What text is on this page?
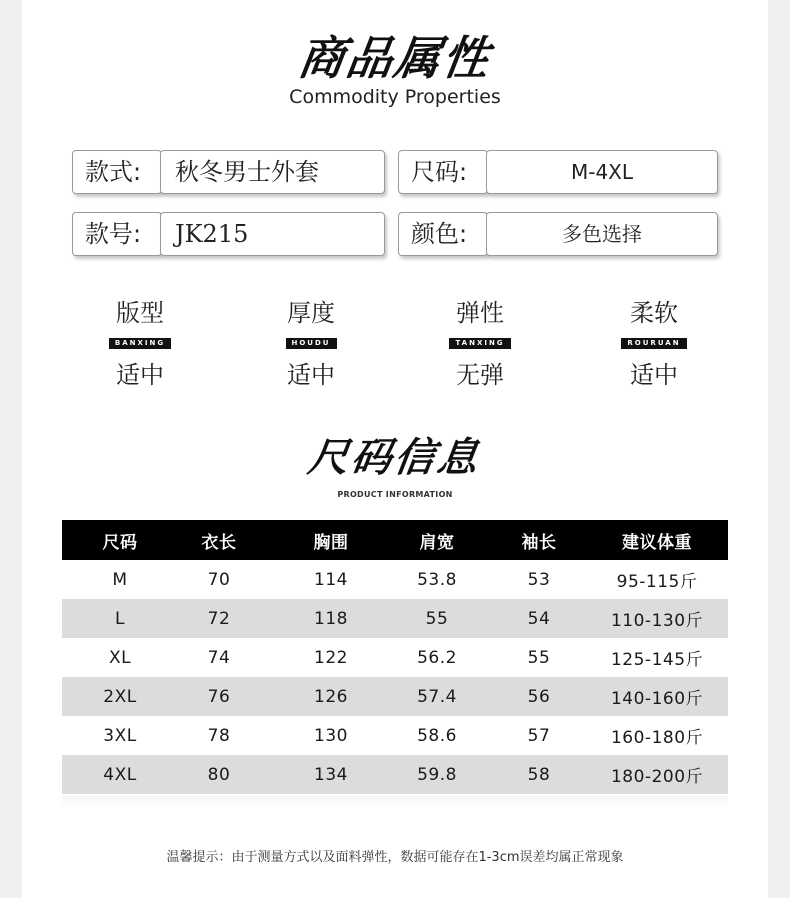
商品属性
Commodity Properties
款式: 秋冬男士外套	尺码:	M-4XL
款号: JK215	颜色:	多色选择
版型
BANXING
适中
厚度
HOUDU
适中
弹性
TANXING
无弹
柔软
ROURUAN
适中
尺码信息
PRODUCT INFORMATION
尺码	衣长	胸围	肩宽	袖长	建议体重
M	70	114	53.8	53	95-115斤
L	72	118	55	54	110-130斤
XL	74	122	56.2	55	125-145斤
2XL	76	126	57.4	56	140-160斤
3XL	78	130	58.6	57	160-180斤
4XL	80	134	59.8	58	180-200斤
温馨提示：由于测量方式以及面料弹性，数据可能存在1-3cm误差均属正常现象
